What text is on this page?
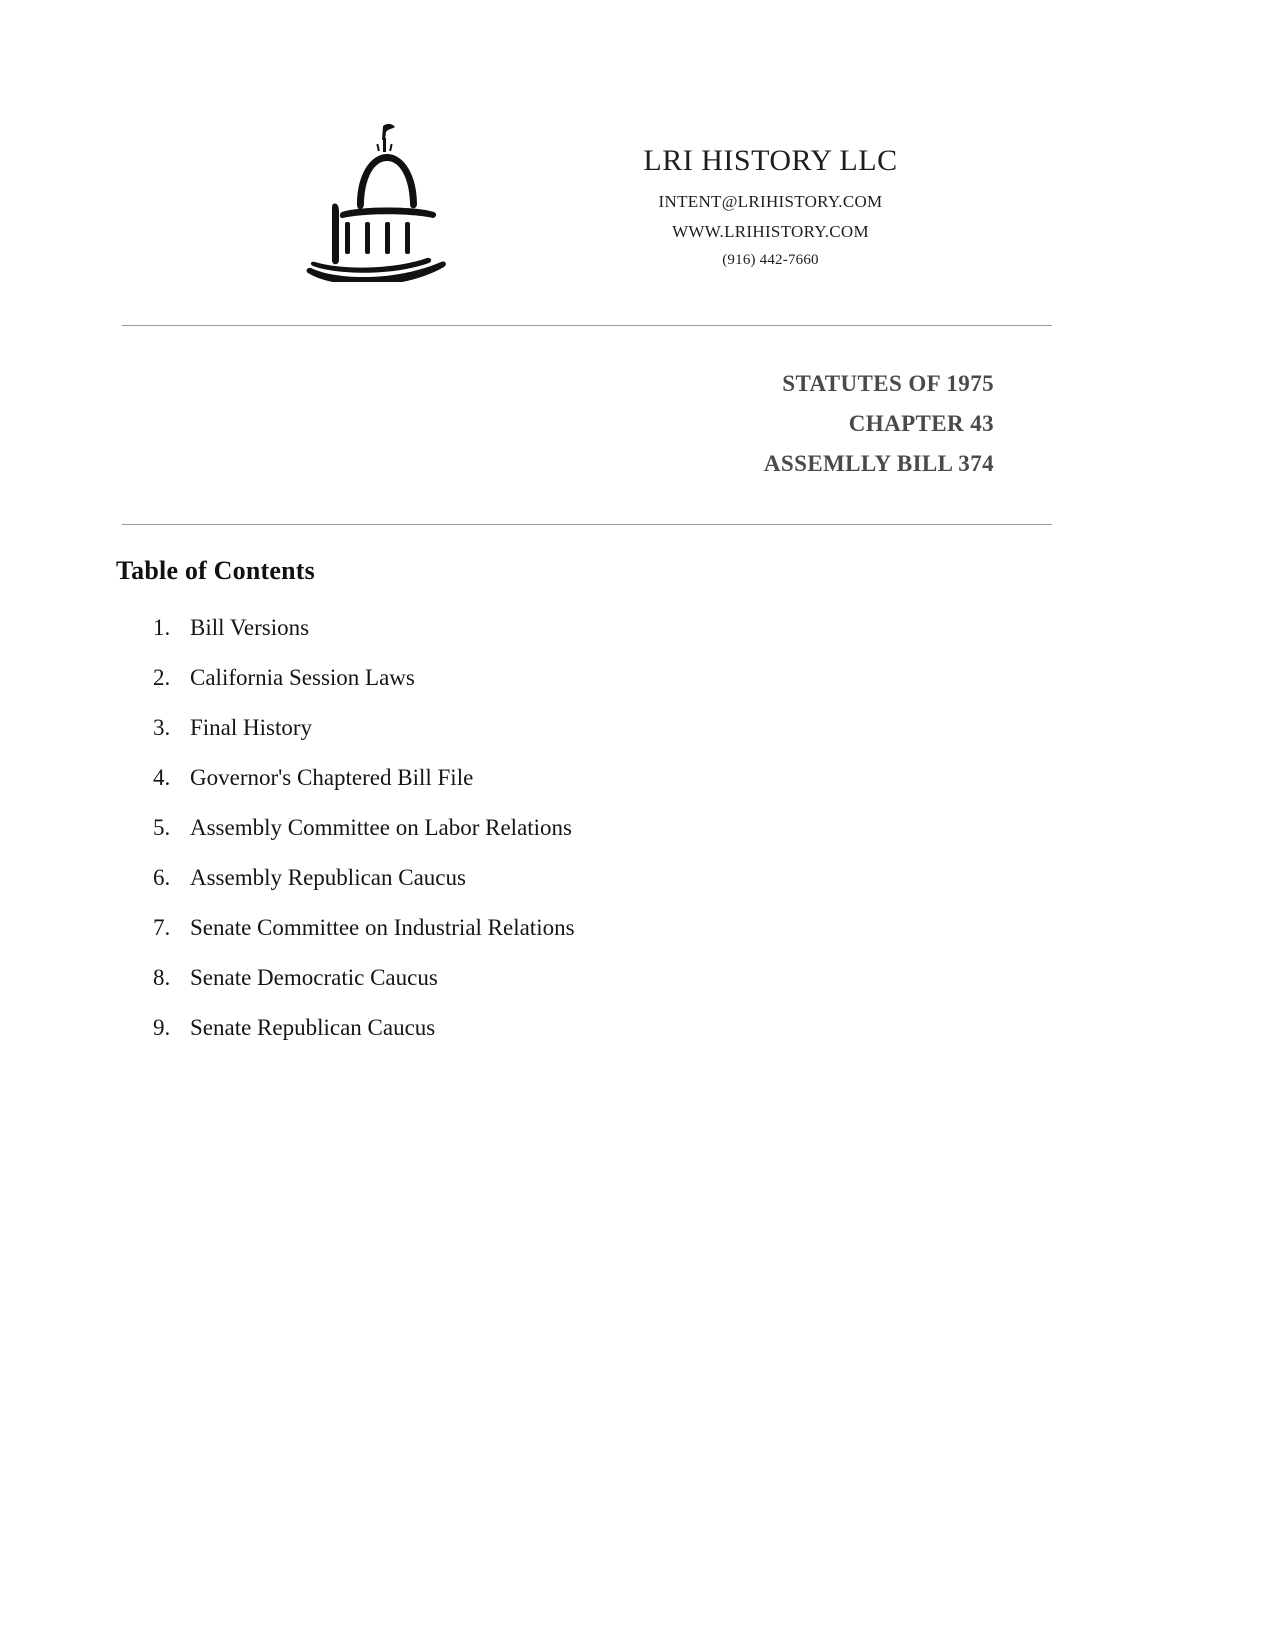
LRI HISTORY LLC
INTENT@LRIHISTORY.COM
WWW.LRIHISTORY.COM
(916) 442-7660
STATUTES OF 1975
CHAPTER 43
ASSEMLLY BILL 374
Table of Contents
1. Bill Versions
2. California Session Laws
3. Final History
4. Governor's Chaptered Bill File
5. Assembly Committee on Labor Relations
6. Assembly Republican Caucus
7. Senate Committee on Industrial Relations
8. Senate Democratic Caucus
9. Senate Republican Caucus
